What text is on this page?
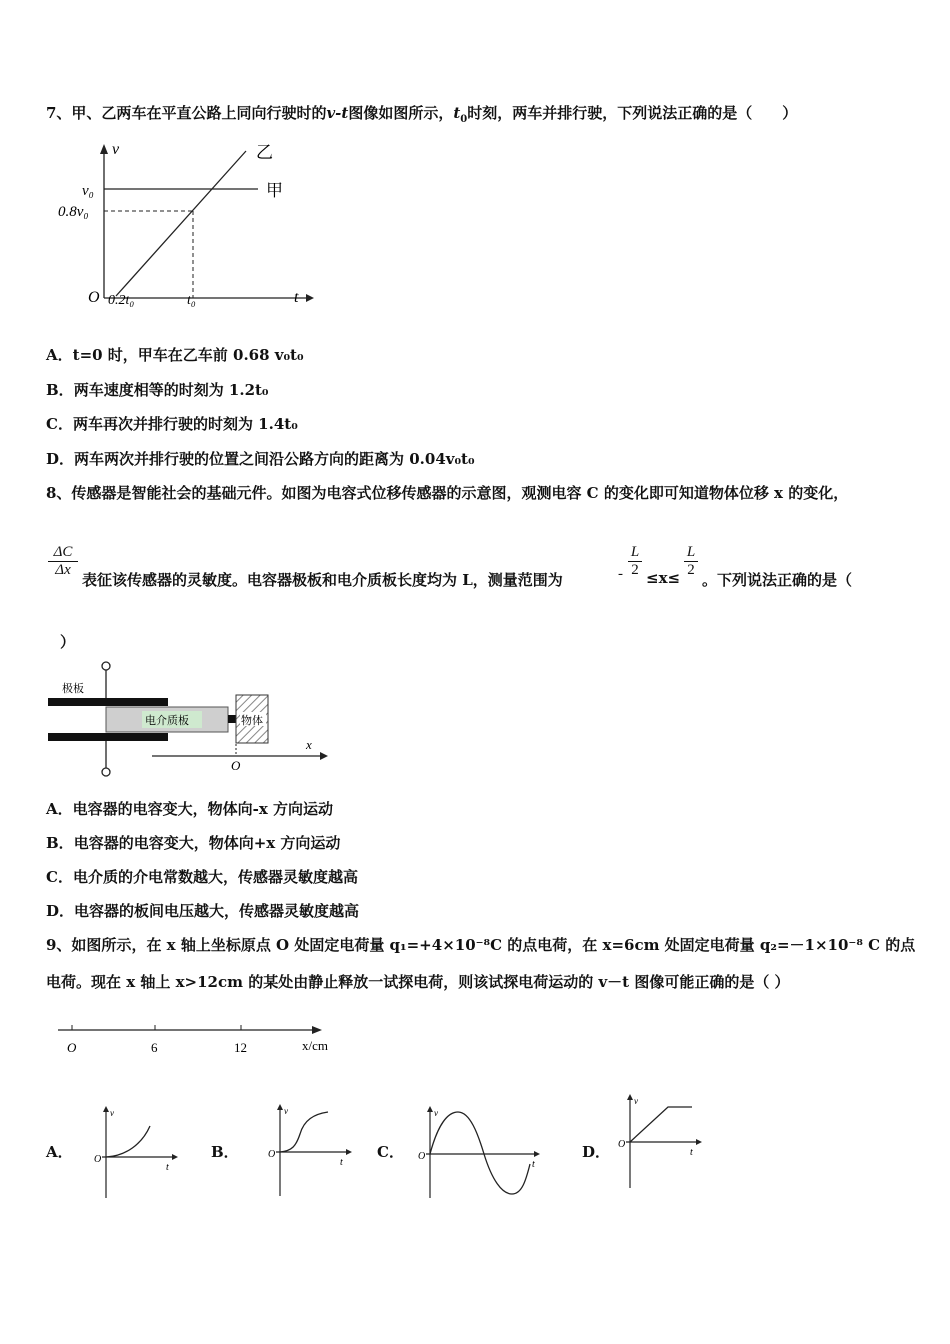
7、甲、乙两车在平直公路上同向行驶时的v-t图像如图所示，$t_0$时刻，两车并排行驶，下列说法正确的是（　　）
v
t
O
乙
甲
v₀
0.8v₀
0.2t₀	t₀
A．t=0 时，甲车在乙车前 0.68 v₀t₀
B．两车速度相等的时刻为 1.2t₀
C．两车再次并排行驶的时刻为 1.4t₀
D．两车两次并排行驶的位置之间沿公路方向的距离为 0.04v₀t₀
8、传感器是智能社会的基础元件。如图为电容式位移传感器的示意图，观测电容 C 的变化即可知道物体位移 x 的变化，
$\frac{\Delta C}{\Delta x}$
表征该传感器的灵敏度。电容器极板和电介质板长度均为 L，测量范围为	- $\frac{L}{2} \le x\le \frac{L}{2}$
。下列说法正确的是（
）
极板
电介质板	物体
x
O
A．电容器的电容变大，物体向-x 方向运动
B．电容器的电容变大，物体向+x 方向运动
C．电介质的介电常数越大，传感器灵敏度越高
D．电容器的板间电压越大，传感器灵敏度越高
9、如图所示，在 x 轴上坐标原点 O 处固定电荷量 q₁=+4×10⁻⁸C 的点电荷，在 x=6cm 处固定电荷量 q₂=－1×10⁻⁸ C 的点
电荷。现在 x 轴上 x>12cm 的某处由静止释放一试探电荷，则该试探电荷运动的 v－t 图像可能正确的是（ ）
O	6	12	x/cm
A．
v
t
O	B．
v
t
O	C．
v
t
O	D．
v
t
O
